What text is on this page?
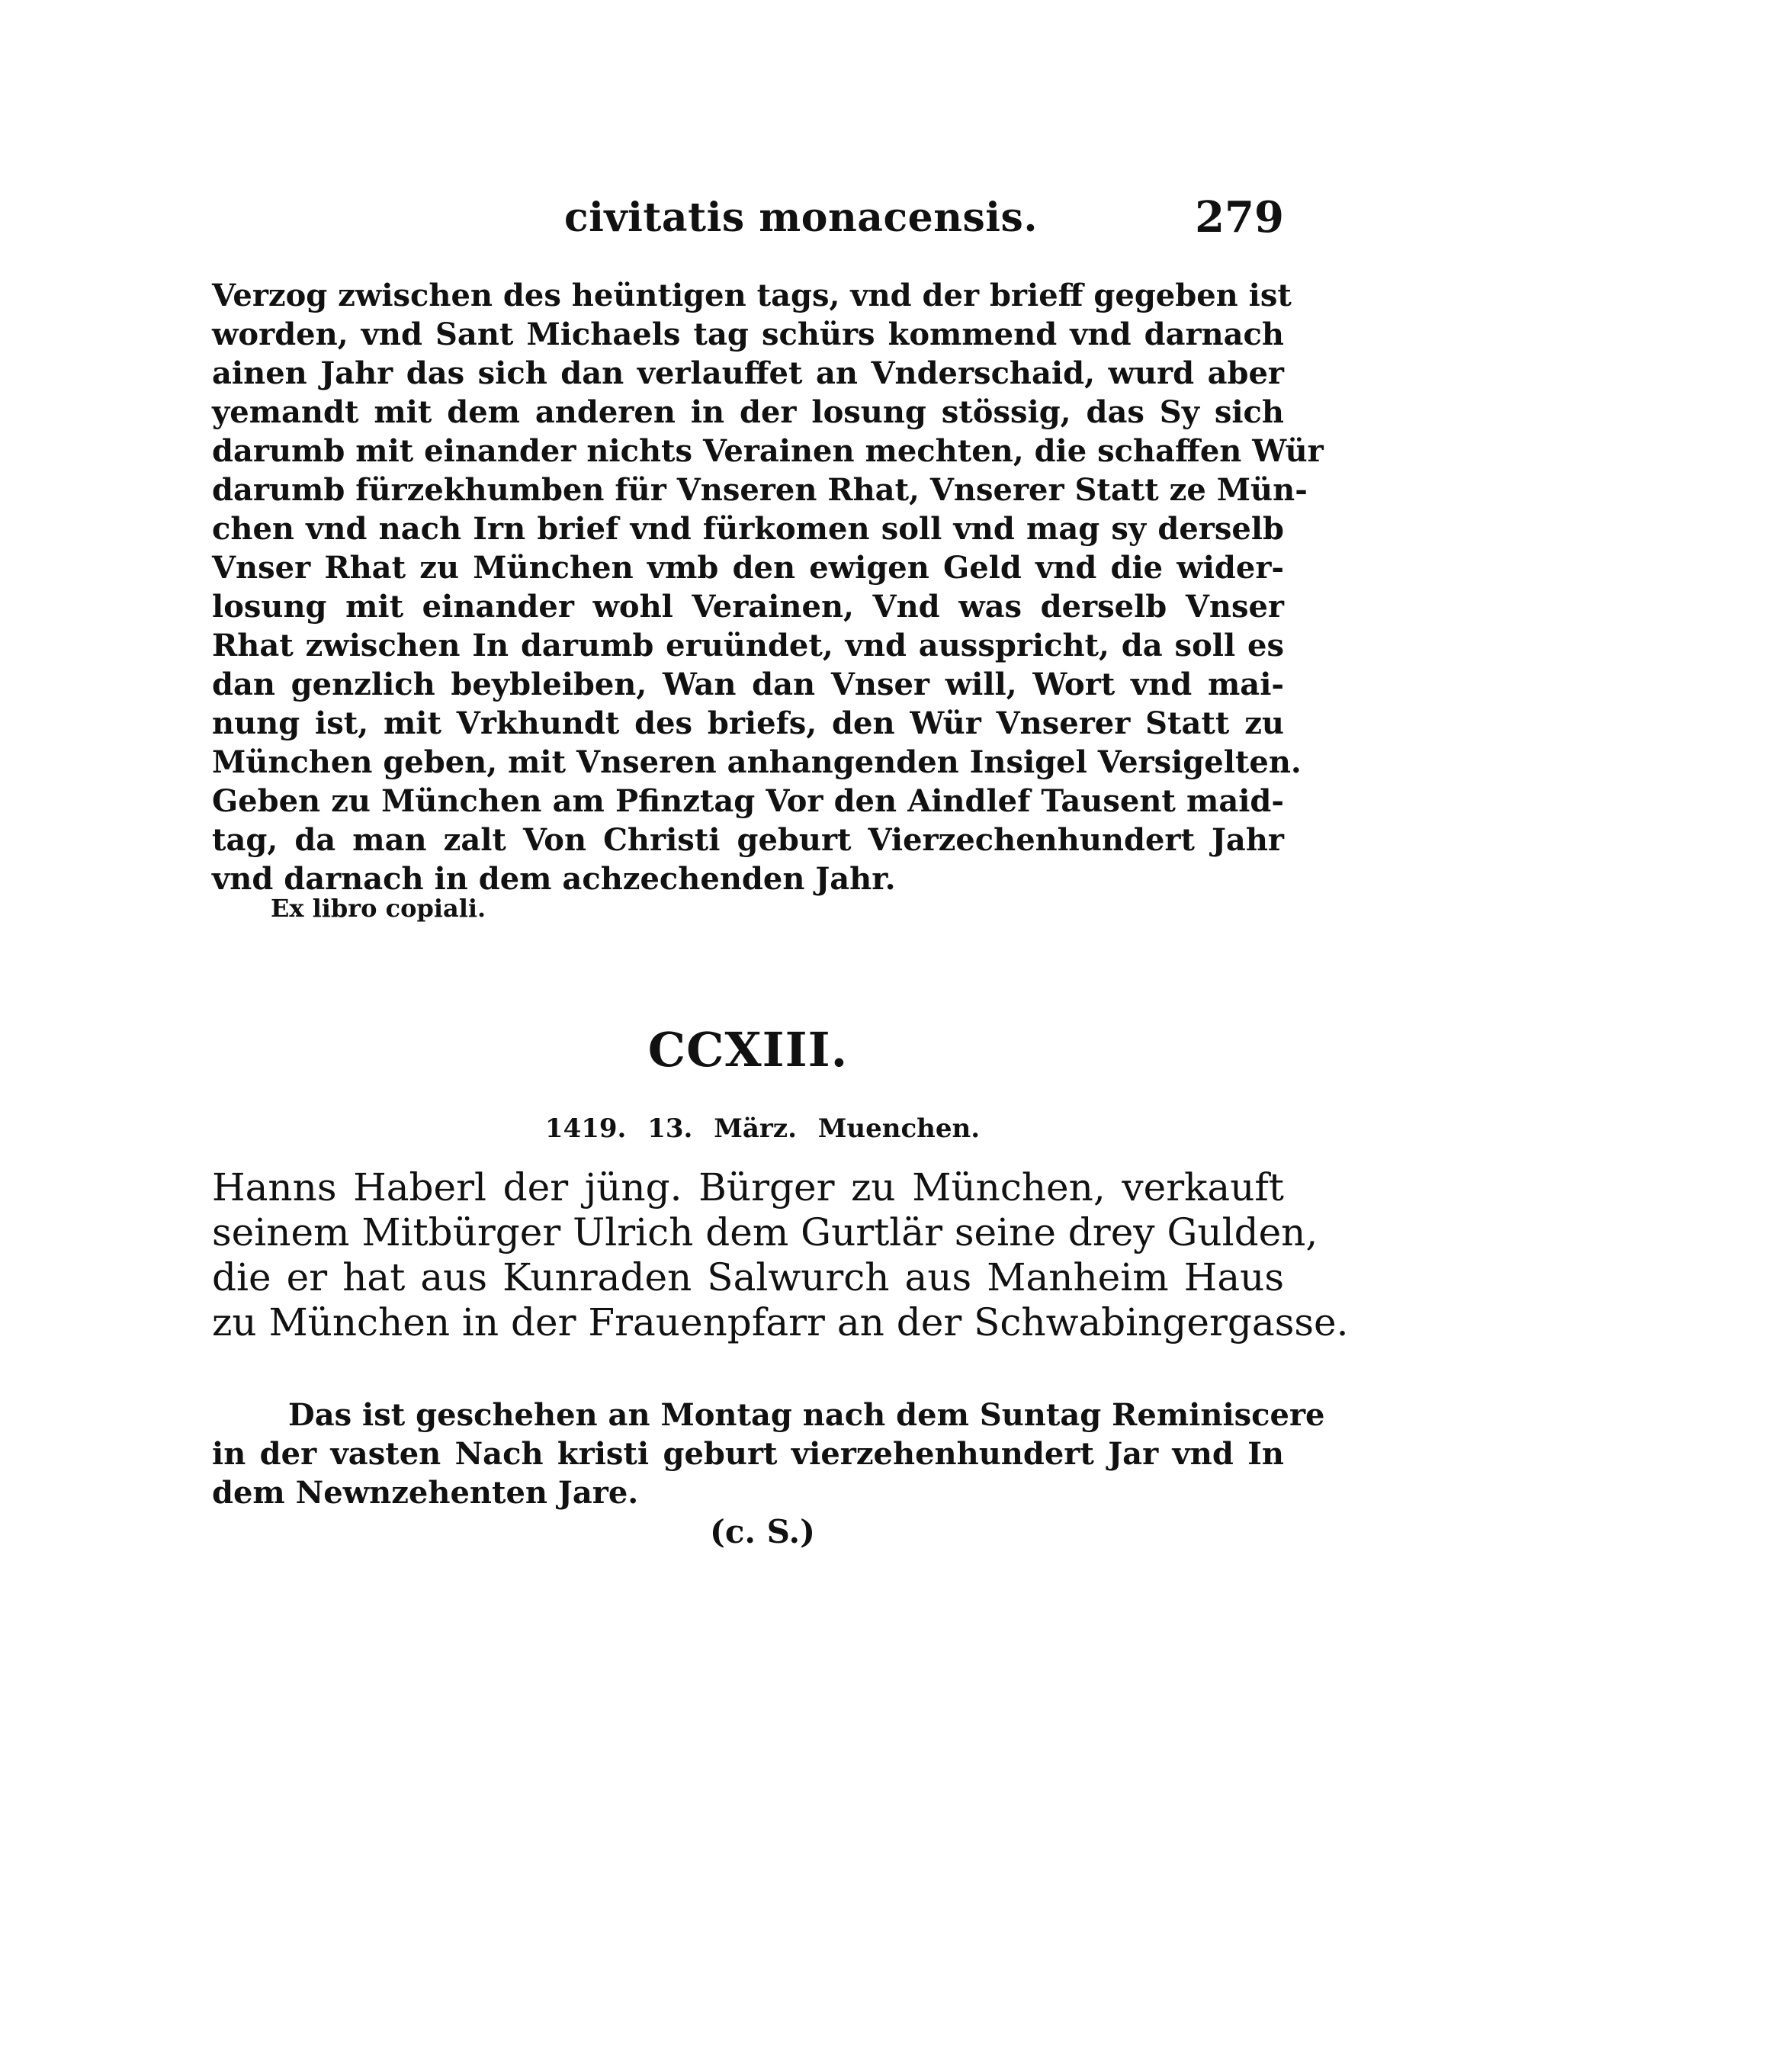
civitatis monacensis.	279
Verzog zwischen des heüntigen tags, vnd der brieff gegeben ist
worden, vnd Sant Michaels tag schürs kommend vnd darnach
ainen Jahr das sich dan verlauffet an Vnderschaid, wurd aber
yemandt mit dem anderen in der losung stössig, das Sy sich
darumb mit einander nichts Verainen mechten, die schaffen Wür
darumb fürzekhumben für Vnseren Rhat, Vnserer Statt ze Mün-
chen vnd nach Irn brief vnd fürkomen soll vnd mag sy derselb
Vnser Rhat zu München vmb den ewigen Geld vnd die wider-
losung mit einander wohl Verainen, Vnd was derselb Vnser
Rhat zwischen In darumb eruündet, vnd ausspricht, da soll es
dan genzlich beybleiben, Wan dan Vnser will, Wort vnd mai-
nung ist, mit Vrkhundt des briefs, den Wür Vnserer Statt zu
München geben, mit Vnseren anhangenden Insigel Versigelten.
Geben zu München am Pfinztag Vor den Aindlef Tausent maid-
tag, da man zalt Von Christi geburt Vierzechenhundert Jahr
vnd darnach in dem achzechenden Jahr.
Ex libro copiali.
CCXIII.
1419. 13. März. Muenchen.
Hanns Haberl der jüng. Bürger zu München, verkauft
seinem Mitbürger Ulrich dem Gurtlär seine drey Gulden,
die er hat aus Kunraden Salwurch aus Manheim Haus
zu München in der Frauenpfarr an der Schwabingergasse.
Das ist geschehen an Montag nach dem Suntag Reminiscere
in der vasten Nach kristi geburt vierzehenhundert Jar vnd In
dem Newnzehenten Jare.
(c. S.)
